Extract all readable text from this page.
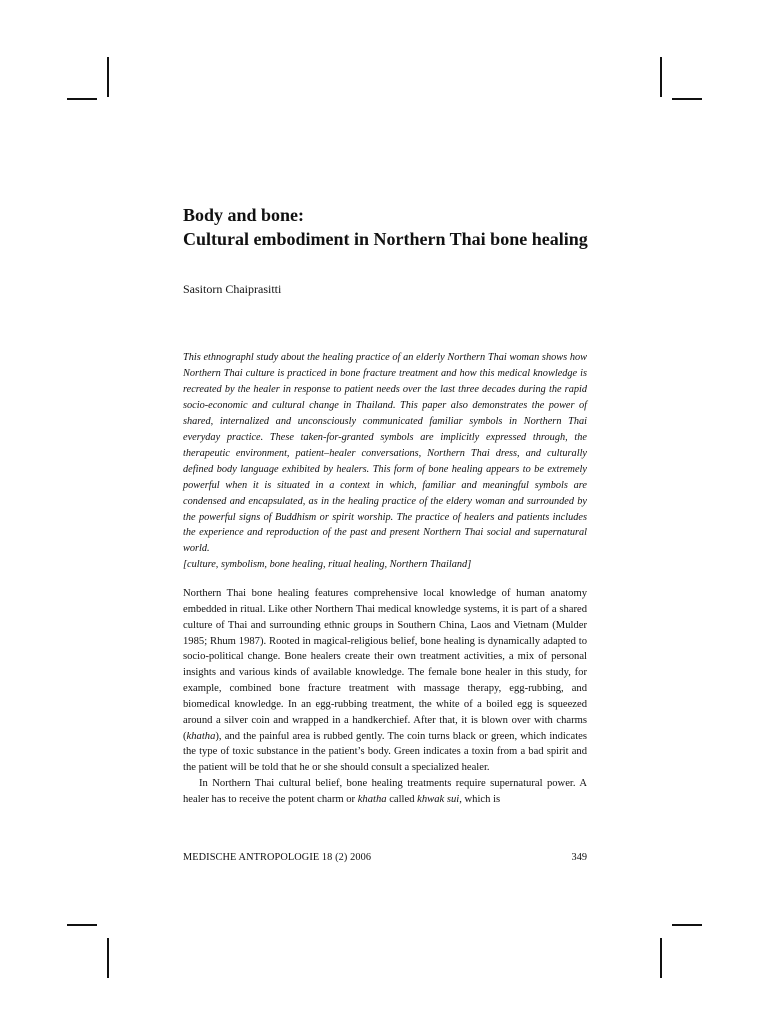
Body and bone:
Cultural embodiment in Northern Thai bone healing
Sasitorn Chaiprasitti

This ethnographl study about the healing practice of an elderly Northern Thai woman shows how Northern Thai culture is practiced in bone fracture treatment and how this medical knowledge is recreated by the healer in response to patient needs over the last three decades during the rapid socio-economic and cultural change in Thailand. This paper also demonstrates the power of shared, internalized and unconsciously communicated familiar symbols in Northern Thai everyday practice. These taken-for-granted symbols are implicitly expressed through, the therapeutic environment, patient–healer conversations, Northern Thai dress, and culturally defined body language exhibited by healers. This form of bone healing appears to be extremely powerful when it is situated in a context in which, familiar and meaningful symbols are condensed and encapsulated, as in the healing practice of the eldery woman and surrounded by the powerful signs of Buddhism or spirit worship. The practice of healers and patients includes the experience and reproduction of the past and present Northern Thai social and supernatural world.

[culture, symbolism, bone healing, ritual healing, Northern Thailand]

Northern Thai bone healing features comprehensive local knowledge of human anatomy embedded in ritual. Like other Northern Thai medical knowledge systems, it is part of a shared culture of Thai and surrounding ethnic groups in Southern China, Laos and Vietnam (Mulder 1985; Rhum 1987). Rooted in magical-religious belief, bone healing is dynamically adapted to socio-political change. Bone healers create their own treatment activities, a mix of personal insights and various kinds of available knowledge. The female bone healer in this study, for example, combined bone fracture treatment with massage therapy, egg-rubbing, and biomedical knowledge. In an egg-rubbing treatment, the white of a boiled egg is squeezed around a silver coin and wrapped in a handkerchief. After that, it is blown over with charms (khatha), and the painful area is rubbed gently. The coin turns black or green, which indicates the type of toxic substance in the patient’s body. Green indicates a toxin from a bad spirit and the patient will be told that he or she should consult a specialized healer.

In Northern Thai cultural belief, bone healing treatments require supernatural power. A healer has to receive the potent charm or khatha called khwak sui, which is

MEDISCHE ANTROPOLOGIE 18 (2) 2006	349
